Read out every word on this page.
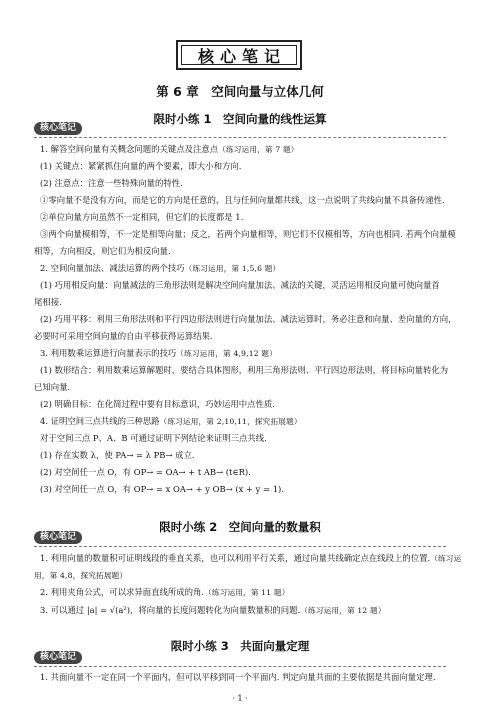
核心笔记
第 6 章　空间向量与立体几何
限时小练 1　空间向量的线性运算
核心笔记
1. 解答空间向量有关概念问题的关键点及注意点（练习运用，第 7 题）
(1) 关键点：紧紧抓住向量的两个要素，即大小和方向.
(2) 注意点：注意一些特殊向量的特性.
①零向量不是没有方向，而是它的方向是任意的，且与任何向量都共线，这一点说明了共线向量不具备传递性.
②单位向量方向虽然不一定相同，但它们的长度都是 1.
③两个向量模相等，不一定是相等向量；反之，若两个向量相等，则它们不仅模相等，方向也相同. 若两个向量模
相等，方向相反，则它们为相反向量.
2. 空间向量加法、减法运算的两个技巧（练习运用，第 1,5,6 题）
(1) 巧用相反向量：向量减法的三角形法则是解决空间向量加法、减法的关键，灵活运用相反向量可使向量首
尾相接.
(2) 巧用平移：利用三角形法则和平行四边形法则进行向量加法、减法运算时，务必注意和向量、差向量的方向，
必要时可采用空间向量的自由平移获得运算结果.
3. 利用数乘运算进行向量表示的技巧（练习运用，第 4,9,12 题）
(1) 数形结合：利用数乘运算解题时，要结合具体图形，利用三角形法则、平行四边形法则，将目标向量转化为
已知向量.
(2) 明确目标：在化简过程中要有目标意识，巧妙运用中点性质.
4. 证明空间三点共线的三种思路（练习运用，第 2,10,11，探究拓展题）
对于空间三点 P、A、B 可通过证明下列结论来证明三点共线.
(1) 存在实数 λ，使 PA→ = λ PB→ 成立.
(2) 对空间任一点 O，有 OP→ = OA→ + t AB→ (t∈R).
(3) 对空间任一点 O，有 OP→ = x OA→ + y OB→ (x + y = 1).
限时小练 2　空间向量的数量积
核心笔记
1. 利用向量的数量积可证明线段的垂直关系，也可以利用平行关系，通过向量共线确定点在线段上的位置.（练习运
用，第 4,8，探究拓展题）
2. 利用夹角公式，可以求异面直线所成的角.（练习运用，第 11 题）
3. 可以通过 |a| = √(a²)，将向量的长度问题转化为向量数量积的问题.（练习运用，第 12 题）
限时小练 3　共面向量定理
核心笔记
1. 共面向量不一定在同一个平面内，但可以平移到同一个平面内. 判定向量共面的主要依据是共面向量定理.
· 1 ·
